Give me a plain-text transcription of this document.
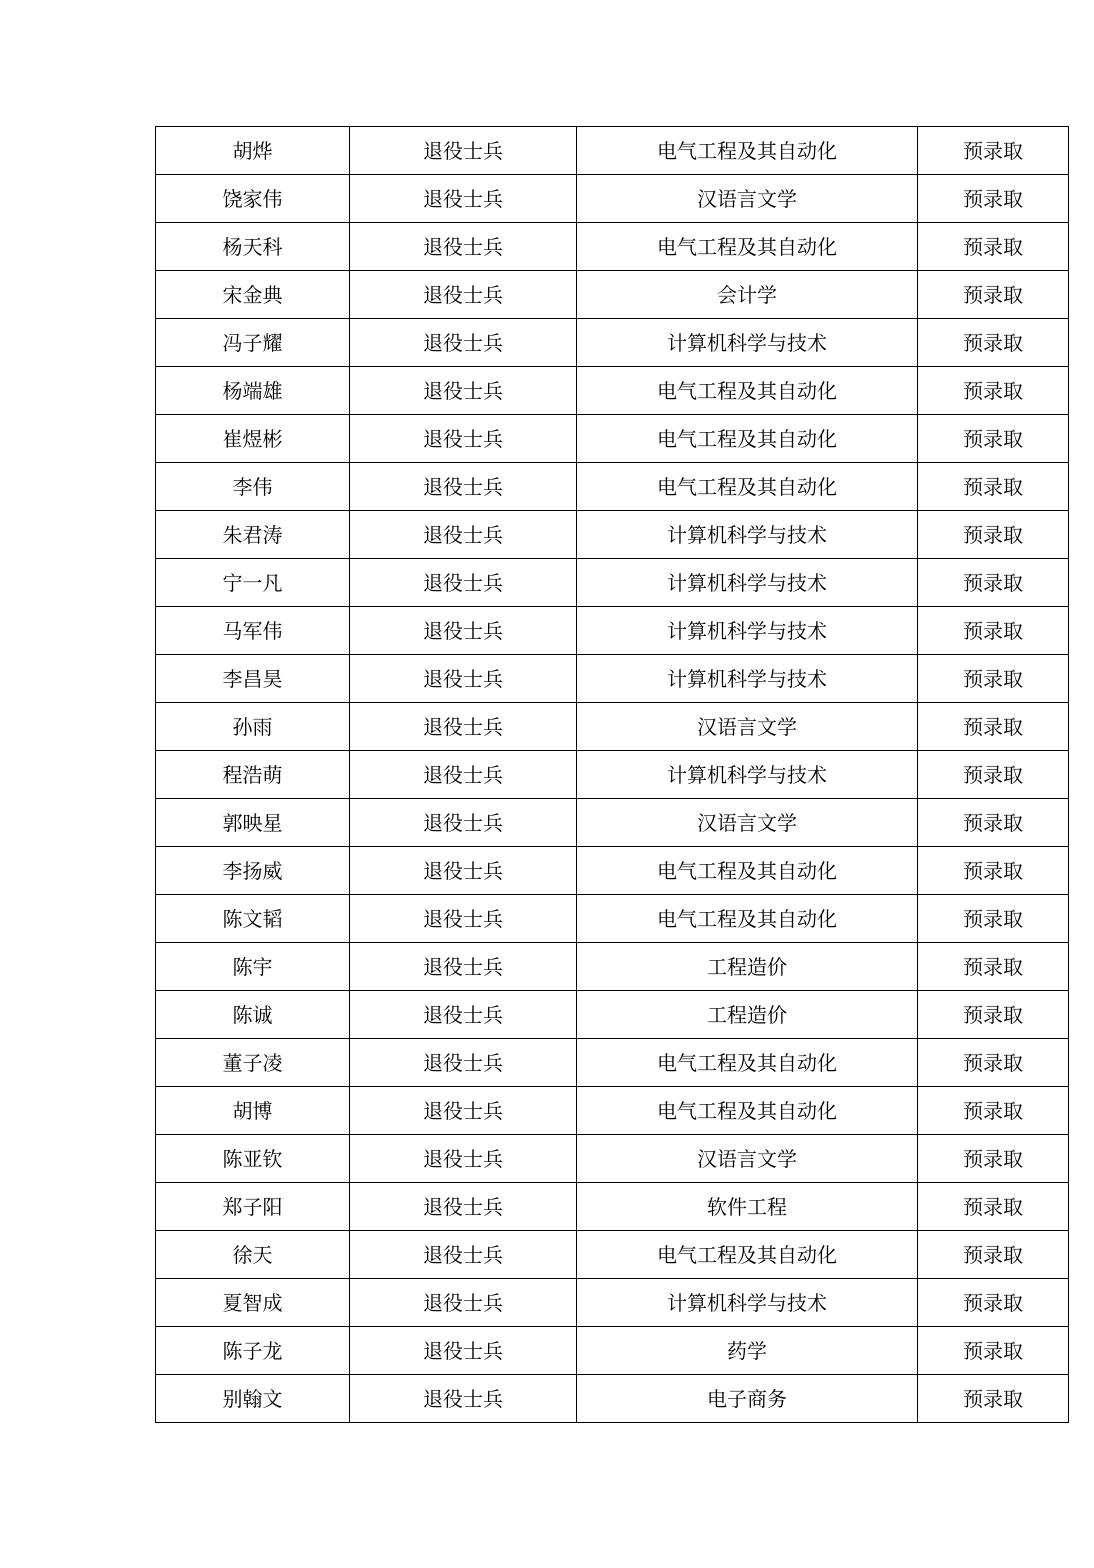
胡烨	退役士兵	电气工程及其自动化	预录取
饶家伟	退役士兵	汉语言文学	预录取
杨天科	退役士兵	电气工程及其自动化	预录取
宋金典	退役士兵	会计学	预录取
冯子耀	退役士兵	计算机科学与技术	预录取
杨端雄	退役士兵	电气工程及其自动化	预录取
崔煜彬	退役士兵	电气工程及其自动化	预录取
李伟	退役士兵	电气工程及其自动化	预录取
朱君涛	退役士兵	计算机科学与技术	预录取
宁一凡	退役士兵	计算机科学与技术	预录取
马军伟	退役士兵	计算机科学与技术	预录取
李昌昊	退役士兵	计算机科学与技术	预录取
孙雨	退役士兵	汉语言文学	预录取
程浩萌	退役士兵	计算机科学与技术	预录取
郭映星	退役士兵	汉语言文学	预录取
李扬威	退役士兵	电气工程及其自动化	预录取
陈文韬	退役士兵	电气工程及其自动化	预录取
陈宇	退役士兵	工程造价	预录取
陈诚	退役士兵	工程造价	预录取
董子凌	退役士兵	电气工程及其自动化	预录取
胡博	退役士兵	电气工程及其自动化	预录取
陈亚钦	退役士兵	汉语言文学	预录取
郑子阳	退役士兵	软件工程	预录取
徐天	退役士兵	电气工程及其自动化	预录取
夏智成	退役士兵	计算机科学与技术	预录取
陈子龙	退役士兵	药学	预录取
别翰文	退役士兵	电子商务	预录取
